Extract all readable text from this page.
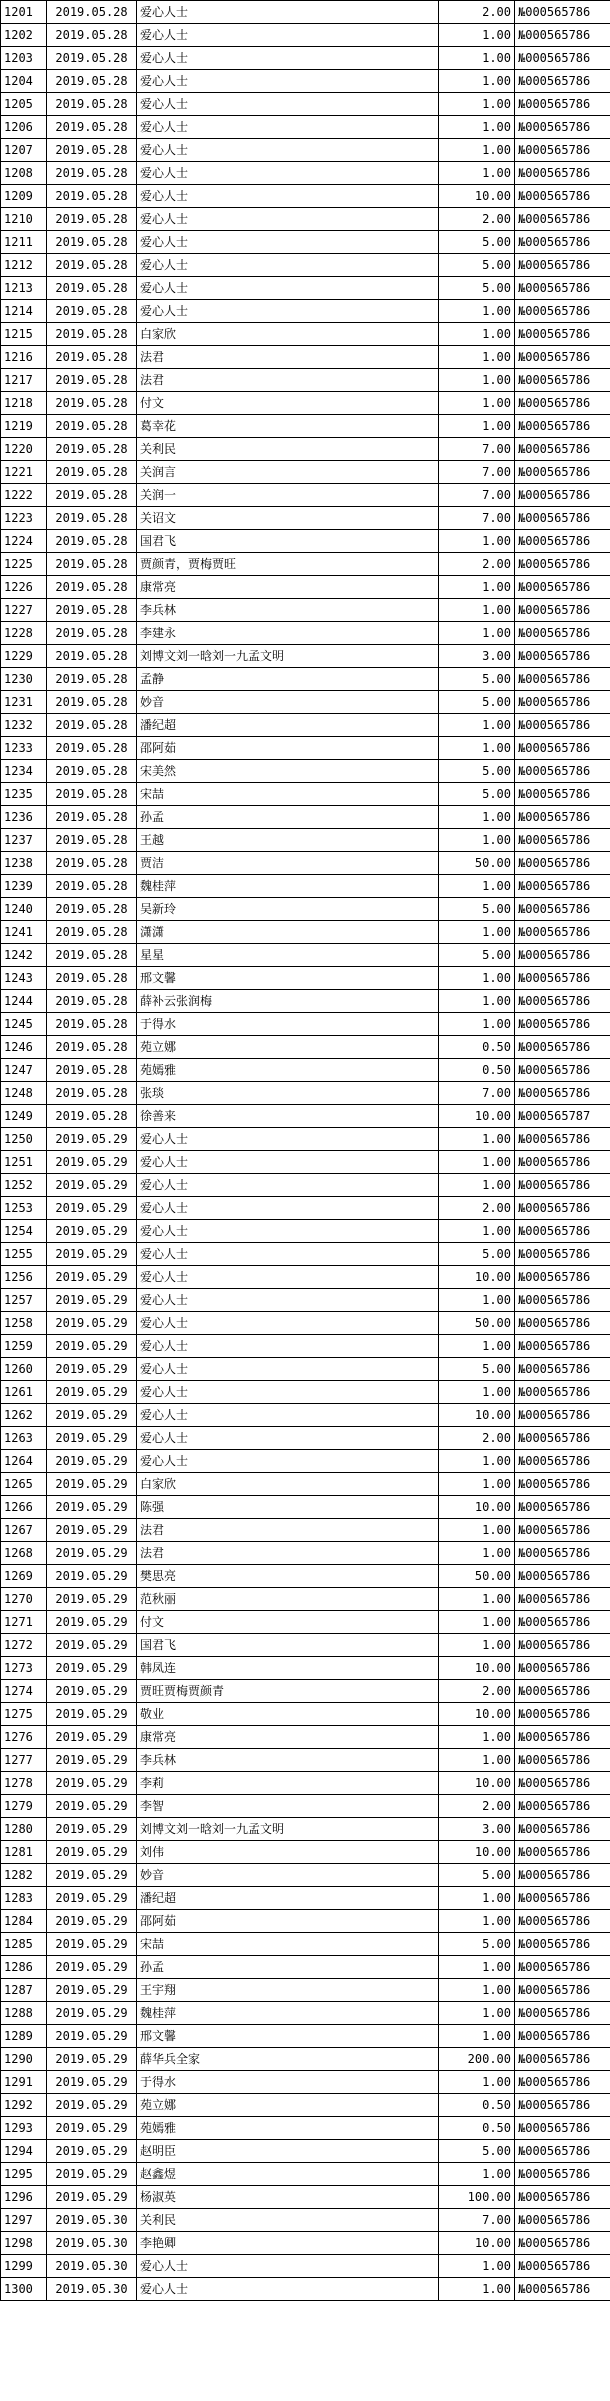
1201	2019.05.28	爱心人士	2.00	№000565786
1202	2019.05.28	爱心人士	1.00	№000565786
1203	2019.05.28	爱心人士	1.00	№000565786
1204	2019.05.28	爱心人士	1.00	№000565786
1205	2019.05.28	爱心人士	1.00	№000565786
1206	2019.05.28	爱心人士	1.00	№000565786
1207	2019.05.28	爱心人士	1.00	№000565786
1208	2019.05.28	爱心人士	1.00	№000565786
1209	2019.05.28	爱心人士	10.00	№000565786
1210	2019.05.28	爱心人士	2.00	№000565786
1211	2019.05.28	爱心人士	5.00	№000565786
1212	2019.05.28	爱心人士	5.00	№000565786
1213	2019.05.28	爱心人士	5.00	№000565786
1214	2019.05.28	爱心人士	1.00	№000565786
1215	2019.05.28	白家欣	1.00	№000565786
1216	2019.05.28	法君	1.00	№000565786
1217	2019.05.28	法君	1.00	№000565786
1218	2019.05.28	付文	1.00	№000565786
1219	2019.05.28	葛幸花	1.00	№000565786
1220	2019.05.28	关利民	7.00	№000565786
1221	2019.05.28	关润言	7.00	№000565786
1222	2019.05.28	关润一	7.00	№000565786
1223	2019.05.28	关诏文	7.00	№000565786
1224	2019.05.28	国君飞	1.00	№000565786
1225	2019.05.28	贾颜青，贾梅贾旺	2.00	№000565786
1226	2019.05.28	康常亮	1.00	№000565786
1227	2019.05.28	李兵林	1.00	№000565786
1228	2019.05.28	李建永	1.00	№000565786
1229	2019.05.28	刘博文刘一晗刘一九孟文明	3.00	№000565786
1230	2019.05.28	孟静	5.00	№000565786
1231	2019.05.28	妙音	5.00	№000565786
1232	2019.05.28	潘纪超	1.00	№000565786
1233	2019.05.28	邵阿茹	1.00	№000565786
1234	2019.05.28	宋美然	5.00	№000565786
1235	2019.05.28	宋喆	5.00	№000565786
1236	2019.05.28	孙孟	1.00	№000565786
1237	2019.05.28	王越	1.00	№000565786
1238	2019.05.28	贾洁	50.00	№000565786
1239	2019.05.28	魏桂萍	1.00	№000565786
1240	2019.05.28	吴新玲	5.00	№000565786
1241	2019.05.28	潇潇	1.00	№000565786
1242	2019.05.28	星星	5.00	№000565786
1243	2019.05.28	邢文馨	1.00	№000565786
1244	2019.05.28	薛补云张润梅	1.00	№000565786
1245	2019.05.28	于得水	1.00	№000565786
1246	2019.05.28	苑立娜	0.50	№000565786
1247	2019.05.28	苑嫣雅	0.50	№000565786
1248	2019.05.28	张琰	7.00	№000565786
1249	2019.05.28	徐善来	10.00	№000565787
1250	2019.05.29	爱心人士	1.00	№000565786
1251	2019.05.29	爱心人士	1.00	№000565786
1252	2019.05.29	爱心人士	1.00	№000565786
1253	2019.05.29	爱心人士	2.00	№000565786
1254	2019.05.29	爱心人士	1.00	№000565786
1255	2019.05.29	爱心人士	5.00	№000565786
1256	2019.05.29	爱心人士	10.00	№000565786
1257	2019.05.29	爱心人士	1.00	№000565786
1258	2019.05.29	爱心人士	50.00	№000565786
1259	2019.05.29	爱心人士	1.00	№000565786
1260	2019.05.29	爱心人士	5.00	№000565786
1261	2019.05.29	爱心人士	1.00	№000565786
1262	2019.05.29	爱心人士	10.00	№000565786
1263	2019.05.29	爱心人士	2.00	№000565786
1264	2019.05.29	爱心人士	1.00	№000565786
1265	2019.05.29	白家欣	1.00	№000565786
1266	2019.05.29	陈强	10.00	№000565786
1267	2019.05.29	法君	1.00	№000565786
1268	2019.05.29	法君	1.00	№000565786
1269	2019.05.29	樊思亮	50.00	№000565786
1270	2019.05.29	范秋丽	1.00	№000565786
1271	2019.05.29	付文	1.00	№000565786
1272	2019.05.29	国君飞	1.00	№000565786
1273	2019.05.29	韩凤连	10.00	№000565786
1274	2019.05.29	贾旺贾梅贾颜青	2.00	№000565786
1275	2019.05.29	敬业	10.00	№000565786
1276	2019.05.29	康常亮	1.00	№000565786
1277	2019.05.29	李兵林	1.00	№000565786
1278	2019.05.29	李莉	10.00	№000565786
1279	2019.05.29	李智	2.00	№000565786
1280	2019.05.29	刘博文刘一晗刘一九孟文明	3.00	№000565786
1281	2019.05.29	刘伟	10.00	№000565786
1282	2019.05.29	妙音	5.00	№000565786
1283	2019.05.29	潘纪超	1.00	№000565786
1284	2019.05.29	邵阿茹	1.00	№000565786
1285	2019.05.29	宋喆	5.00	№000565786
1286	2019.05.29	孙孟	1.00	№000565786
1287	2019.05.29	王宇翔	1.00	№000565786
1288	2019.05.29	魏桂萍	1.00	№000565786
1289	2019.05.29	邢文馨	1.00	№000565786
1290	2019.05.29	薛华兵全家	200.00	№000565786
1291	2019.05.29	于得水	1.00	№000565786
1292	2019.05.29	苑立娜	0.50	№000565786
1293	2019.05.29	苑嫣雅	0.50	№000565786
1294	2019.05.29	赵明臣	5.00	№000565786
1295	2019.05.29	赵鑫煜	1.00	№000565786
1296	2019.05.29	杨淑英	100.00	№000565786
1297	2019.05.30	关利民	7.00	№000565786
1298	2019.05.30	李艳卿	10.00	№000565786
1299	2019.05.30	爱心人士	1.00	№000565786
1300	2019.05.30	爱心人士	1.00	№000565786
